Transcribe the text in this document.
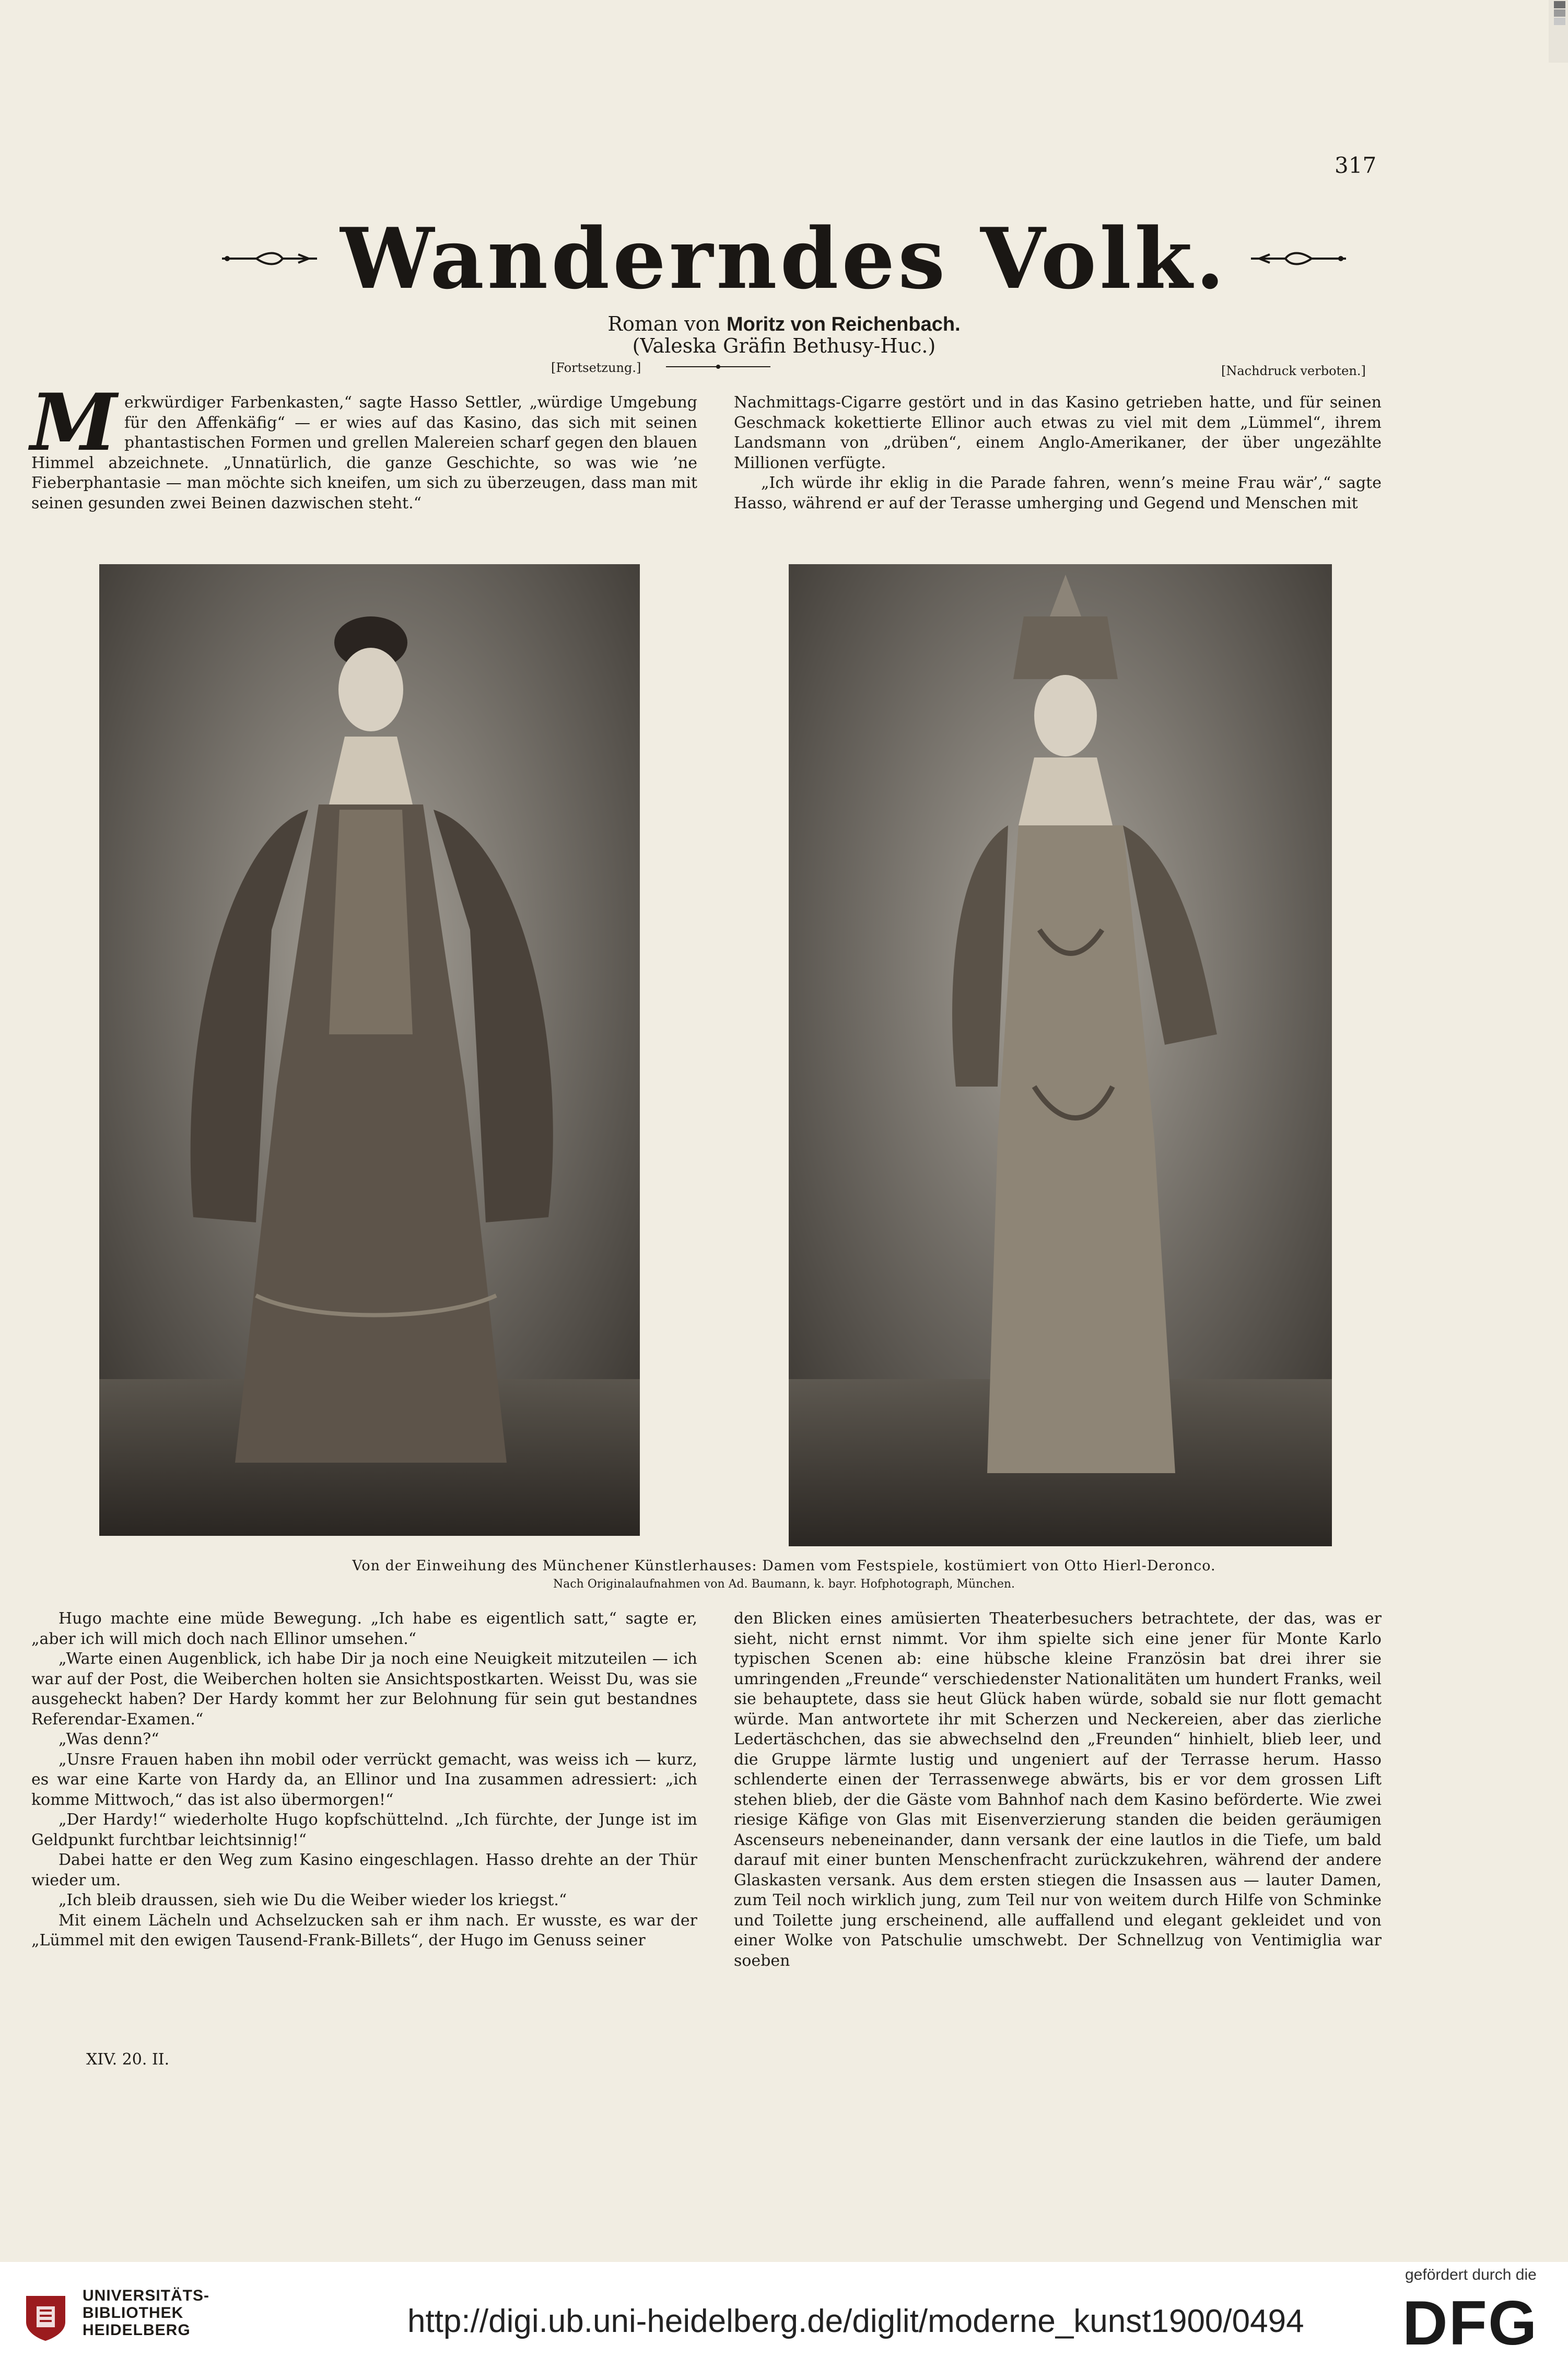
317
Wanderndes Volk.
Roman von Moritz von Reichenbach.
(Valeska Gräfin Bethusy-Huc.)
[Fortsetzung.]	[Nachdruck verboten.]

M erkwürdiger Farbenkasten,“ sagte Hasso Settler, „würdige Umgebung für den Affenkäfig“ — er wies auf das Kasino, das sich mit seinen phantastischen Formen und grellen Malereien scharf gegen den blauen Himmel abzeichnete. „Unnatürlich, die ganze Geschichte, so was wie ’ne Fieberphantasie — man möchte sich kneifen, um sich zu überzeugen, dass man mit seinen gesunden zwei Beinen dazwischen steht.“

Nachmittags-Cigarre gestört und in das Kasino getrieben hatte, und für seinen Geschmack kokettierte Ellinor auch etwas zu viel mit dem „Lümmel“, ihrem Landsmann von „drüben“, einem Anglo-Amerikaner, der über ungezählte Millionen verfügte.

„Ich würde ihr eklig in die Parade fahren, wenn’s meine Frau wär’,“ sagte Hasso, während er auf der Terasse umherging und Gegend und Menschen mit

Von der Einweihung des Münchener Künstlerhauses: Damen vom Festspiele, kostümiert von Otto Hierl-Deronco.
Nach Originalaufnahmen von Ad. Baumann, k. bayr. Hofphotograph, München.

Hugo machte eine müde Bewegung. „Ich habe es eigentlich satt,“ sagte er, „aber ich will mich doch nach Ellinor umsehen.“

„Warte einen Augenblick, ich habe Dir ja noch eine Neuigkeit mitzuteilen — ich war auf der Post, die Weiberchen holten sie Ansichtspostkarten. Weisst Du, was sie ausgeheckt haben? Der Hardy kommt her zur Belohnung für sein gut bestandnes Referendar-Examen.“

„Was denn?“

„Unsre Frauen haben ihn mobil oder verrückt gemacht, was weiss ich — kurz, es war eine Karte von Hardy da, an Ellinor und Ina zusammen adressiert: „ich komme Mittwoch,“ das ist also übermorgen!“

„Der Hardy!“ wiederholte Hugo kopfschüttelnd. „Ich fürchte, der Junge ist im Geldpunkt furchtbar leichtsinnig!“

Dabei hatte er den Weg zum Kasino eingeschlagen. Hasso drehte an der Thür wieder um.

„Ich bleib draussen, sieh wie Du die Weiber wieder los kriegst.“

Mit einem Lächeln und Achselzucken sah er ihm nach. Er wusste, es war der „Lümmel mit den ewigen Tausend-Frank-Billets“, der Hugo im Genuss seiner

den Blicken eines amüsierten Theaterbesuchers betrachtete, der das, was er sieht, nicht ernst nimmt. Vor ihm spielte sich eine jener für Monte Karlo typischen Scenen ab: eine hübsche kleine Französin bat drei ihrer sie umringenden „Freunde“ verschiedenster Nationalitäten um hundert Franks, weil sie behauptete, dass sie heut Glück haben würde, sobald sie nur flott gemacht würde. Man antwortete ihr mit Scherzen und Neckereien, aber das zierliche Ledertäschchen, das sie abwechselnd den „Freunden“ hinhielt, blieb leer, und die Gruppe lärmte lustig und ungeniert auf der Terrasse herum. Hasso schlenderte einen der Terrassenwege abwärts, bis er vor dem grossen Lift stehen blieb, der die Gäste vom Bahnhof nach dem Kasino beförderte. Wie zwei riesige Käfige von Glas mit Eisenverzierung standen die beiden geräumigen Ascenseurs nebeneinander, dann versank der eine lautlos in die Tiefe, um bald darauf mit einer bunten Menschenfracht zurückzukehren, während der andere Glaskasten versank. Aus dem ersten stiegen die Insassen aus — lauter Damen, zum Teil noch wirklich jung, zum Teil nur von weitem durch Hilfe von Schminke und Toilette jung erscheinend, alle auffallend und elegant gekleidet und von einer Wolke von Patschulie umschwebt. Der Schnellzug von Ventimiglia war soeben

XIV. 20. II.
UNIVERSITÄTS-
BIBLIOTHEK
HEIDELBERG	http://digi.ub.uni-heidelberg.de/diglit/moderne_kunst1900/0494
gefördert durch die
DFG
